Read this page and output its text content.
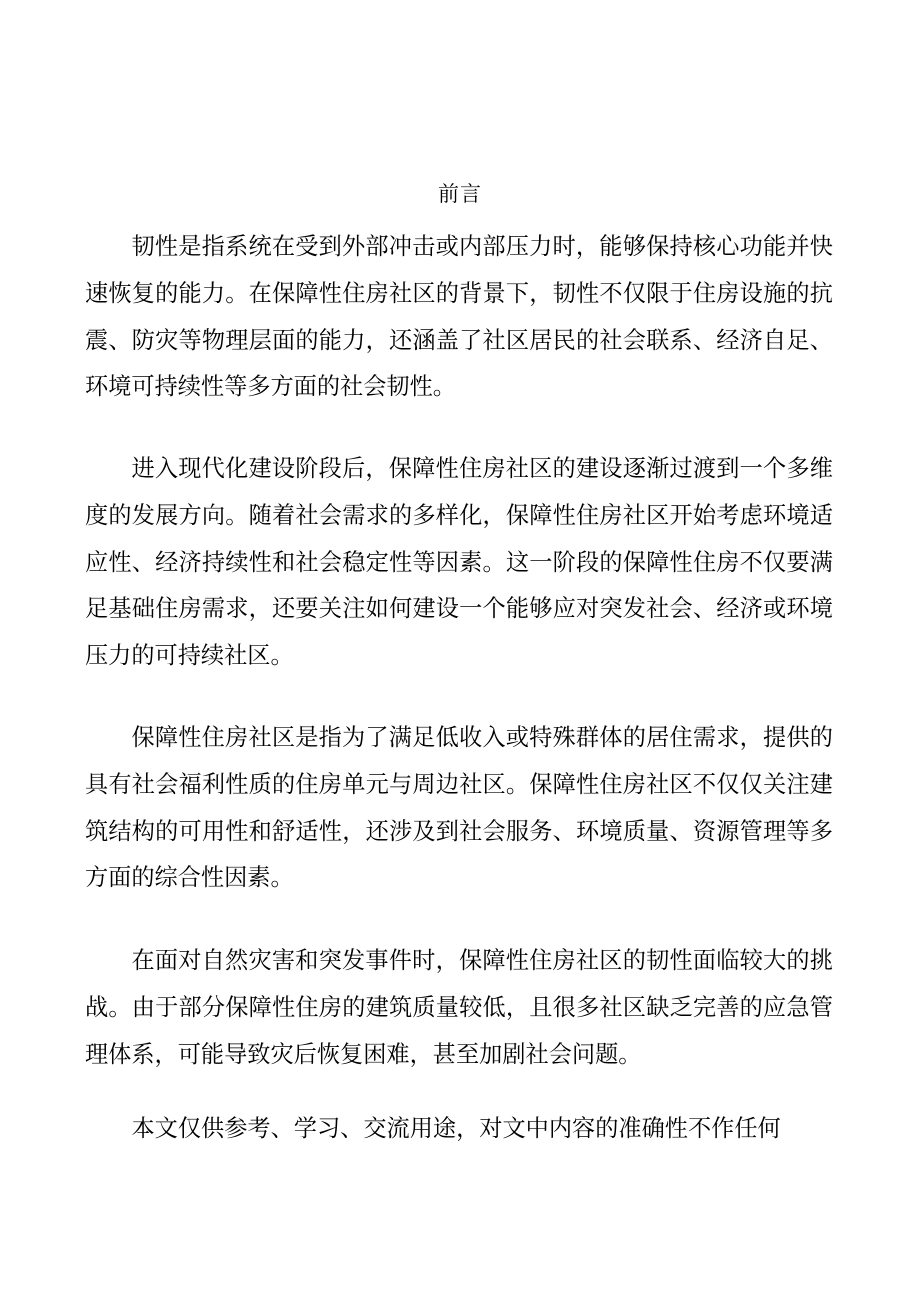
前言

韧性是指系统在受到外部冲击或内部压力时，能够保持核心功能并快速恢复的能力。在保障性住房社区的背景下，韧性不仅限于住房设施的抗震、防灾等物理层面的能力，还涵盖了社区居民的社会联系、经济自足、环境可持续性等多方面的社会韧性。

进入现代化建设阶段后，保障性住房社区的建设逐渐过渡到一个多维度的发展方向。随着社会需求的多样化，保障性住房社区开始考虑环境适应性、经济持续性和社会稳定性等因素。这一阶段的保障性住房不仅要满足基础住房需求，还要关注如何建设一个能够应对突发社会、经济或环境压力的可持续社区。

保障性住房社区是指为了满足低收入或特殊群体的居住需求，提供的具有社会福利性质的住房单元与周边社区。保障性住房社区不仅仅关注建筑结构的可用性和舒适性，还涉及到社会服务、环境质量、资源管理等多方面的综合性因素。

在面对自然灾害和突发事件时，保障性住房社区的韧性面临较大的挑战。由于部分保障性住房的建筑质量较低，且很多社区缺乏完善的应急管理体系，可能导致灾后恢复困难，甚至加剧社会问题。

本文仅供参考、学习、交流用途，对文中内容的准确性不作任何
